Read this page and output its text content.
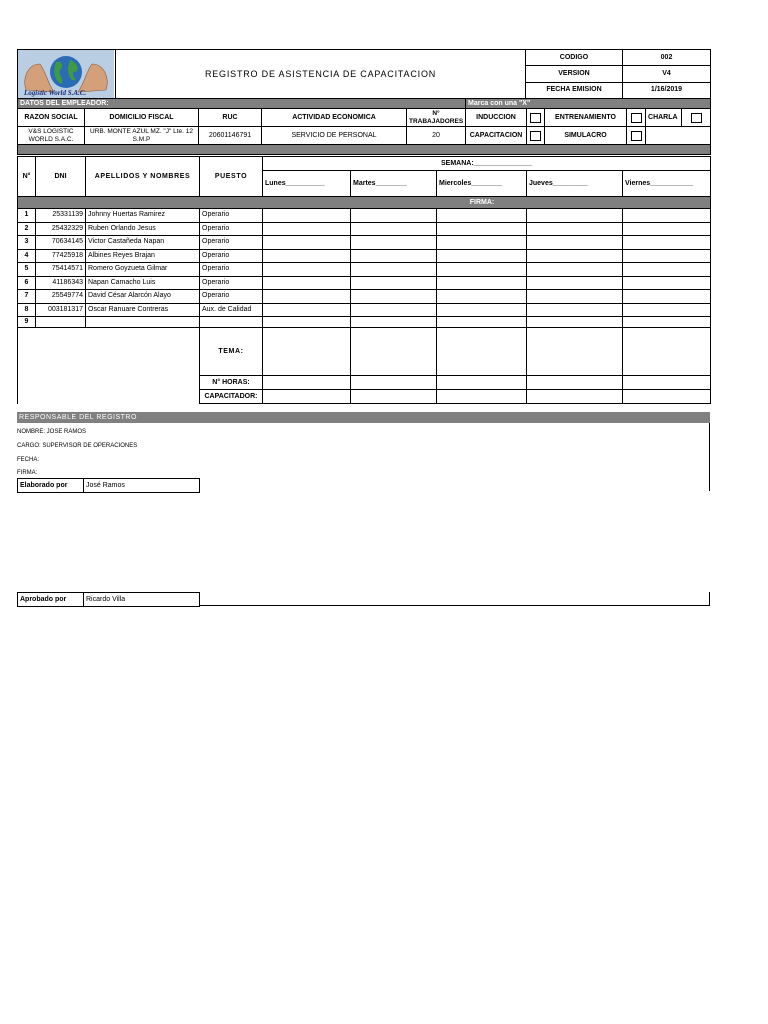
Logistic World S.A.C.	REGISTRO DE ASISTENCIA DE CAPACITACION	CODIGO	002
		VERSION	V4
		FECHA EMISION	1/16/2019
DATOS DEL EMPLEADOR:					Marca con una "X"					
RAZON SOCIAL	DOMICILIO FISCAL	RUC	ACTIVIDAD ECONOMICA	N° TRABAJADORES	INDUCCION		ENTRENAMIENTO		CHARLA	
V&S LOGISTIC WORLD S.A.C.	URB. MONTE AZUL MZ. "J" Lte. 12 S.M.P	20601146791	SERVICIO DE PERSONAL	20	CAPACITACION		SIMULACRO			

N°	DNI	APELLIDOS Y NOMBRES	PUESTO	SEMANA:_______________				
				Lunes__________	Martes________	Miercoles________	Jueves_________	Viernes___________
FIRMA:								
1	25331139	Johnny Huertas Ramirez	Operario					
2	25432329	Ruben Orlando Jesus	Operario					
3	70634145	Victor Castañeda Napan	Operario					
4	77425918	Albines Reyes Brajan	Operario					
5	75414571	Romero Goyzueta Gilmar	Operario					
6	41186343	Napan Camacho Luis	Operario					
7	25549774	David César Alarcón Alayo	Operario					
8	003181317	Oscar Ranuare Contreras	Aux. de Calidad					
9								
			TEMA:					
			N° HORAS:					
			CAPACITADOR:					
RESPONSABLE DEL REGISTRO
NOMBRE: JOSE RAMOS
CARGO: SUPERVISOR DE OPERACIONES
FECHA:
FIRMA:
Elaborado por	José Ramos
Aprobado por	Ricardo Villa
